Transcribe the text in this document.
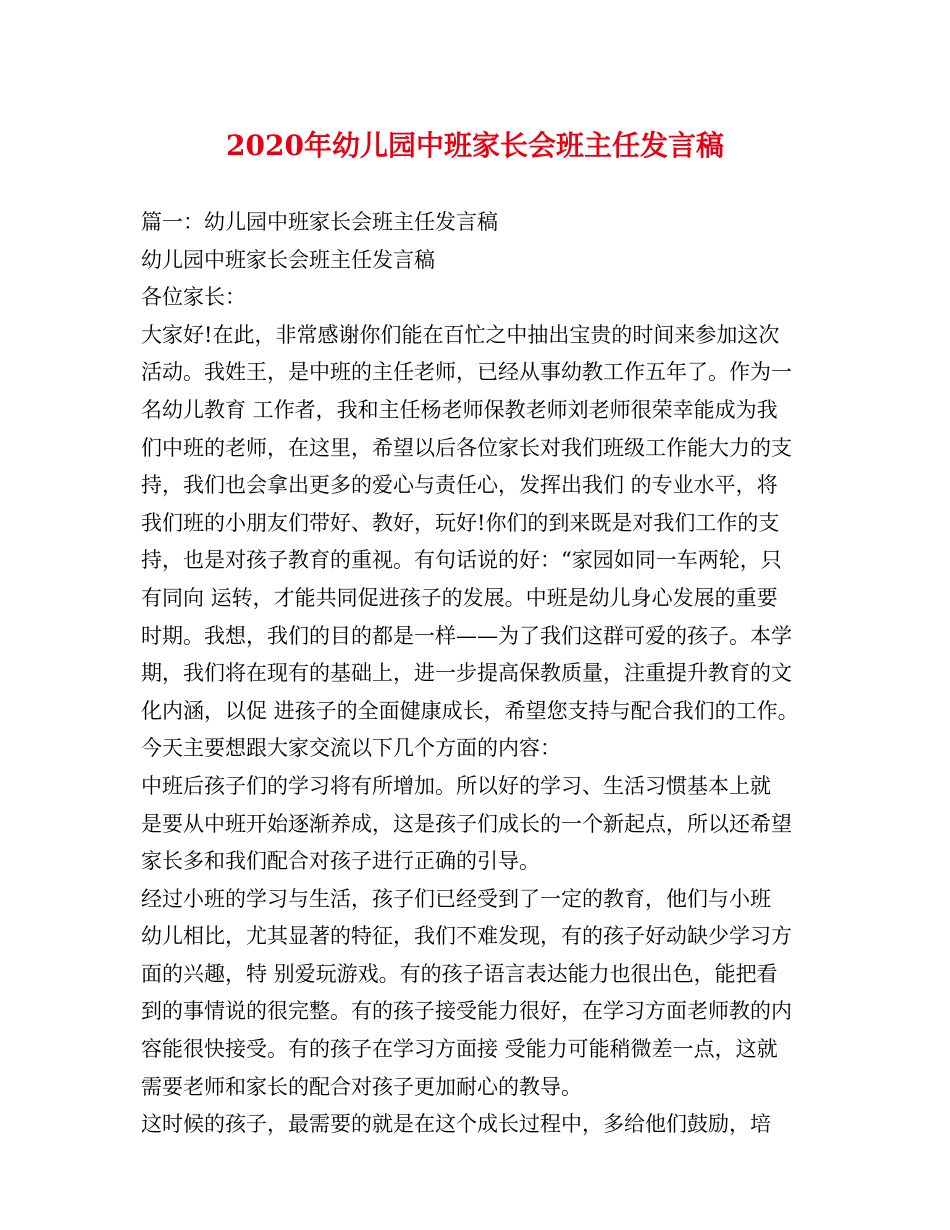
2020年幼儿园中班家长会班主任发言稿
篇一：幼儿园中班家长会班主任发言稿
幼儿园中班家长会班主任发言稿
各位家长：
大家好!在此，非常感谢你们能在百忙之中抽出宝贵的时间来参加这次
活动。我姓王，是中班的主任老师，已经从事幼教工作五年了。作为一
名幼儿教育 工作者，我和主任杨老师保教老师刘老师很荣幸能成为我
们中班的老师，在这里，希望以后各位家长对我们班级工作能大力的支
持，我们也会拿出更多的爱心与责任心，发挥出我们 的专业水平，将
我们班的小朋友们带好、教好，玩好!你们的到来既是对我们工作的支
持，也是对孩子教育的重视。有句话说的好：“家园如同一车两轮，只
有同向 运转，才能共同促进孩子的发展。中班是幼儿身心发展的重要
时期。我想，我们的目的都是一样——为了我们这群可爱的孩子。本学
期，我们将在现有的基础上，进一步提高保教质量，注重提升教育的文
化内涵，以促 进孩子的全面健康成长，希望您支持与配合我们的工作。
今天主要想跟大家交流以下几个方面的内容：
中班后孩子们的学习将有所增加。所以好的学习、生活习惯基本上就
是要从中班开始逐渐养成，这是孩子们成长的一个新起点，所以还希望
家长多和我们配合对孩子进行正确的引导。
经过小班的学习与生活，孩子们已经受到了一定的教育，他们与小班
幼儿相比，尤其显著的特征，我们不难发现，有的孩子好动缺少学习方
面的兴趣，特 别爱玩游戏。有的孩子语言表达能力也很出色，能把看
到的事情说的很完整。有的孩子接受能力很好，在学习方面老师教的内
容能很快接受。有的孩子在学习方面接 受能力可能稍微差一点，这就
需要老师和家长的配合对孩子更加耐心的教导。
这时候的孩子，最需要的就是在这个成长过程中，多给他们鼓励，培
